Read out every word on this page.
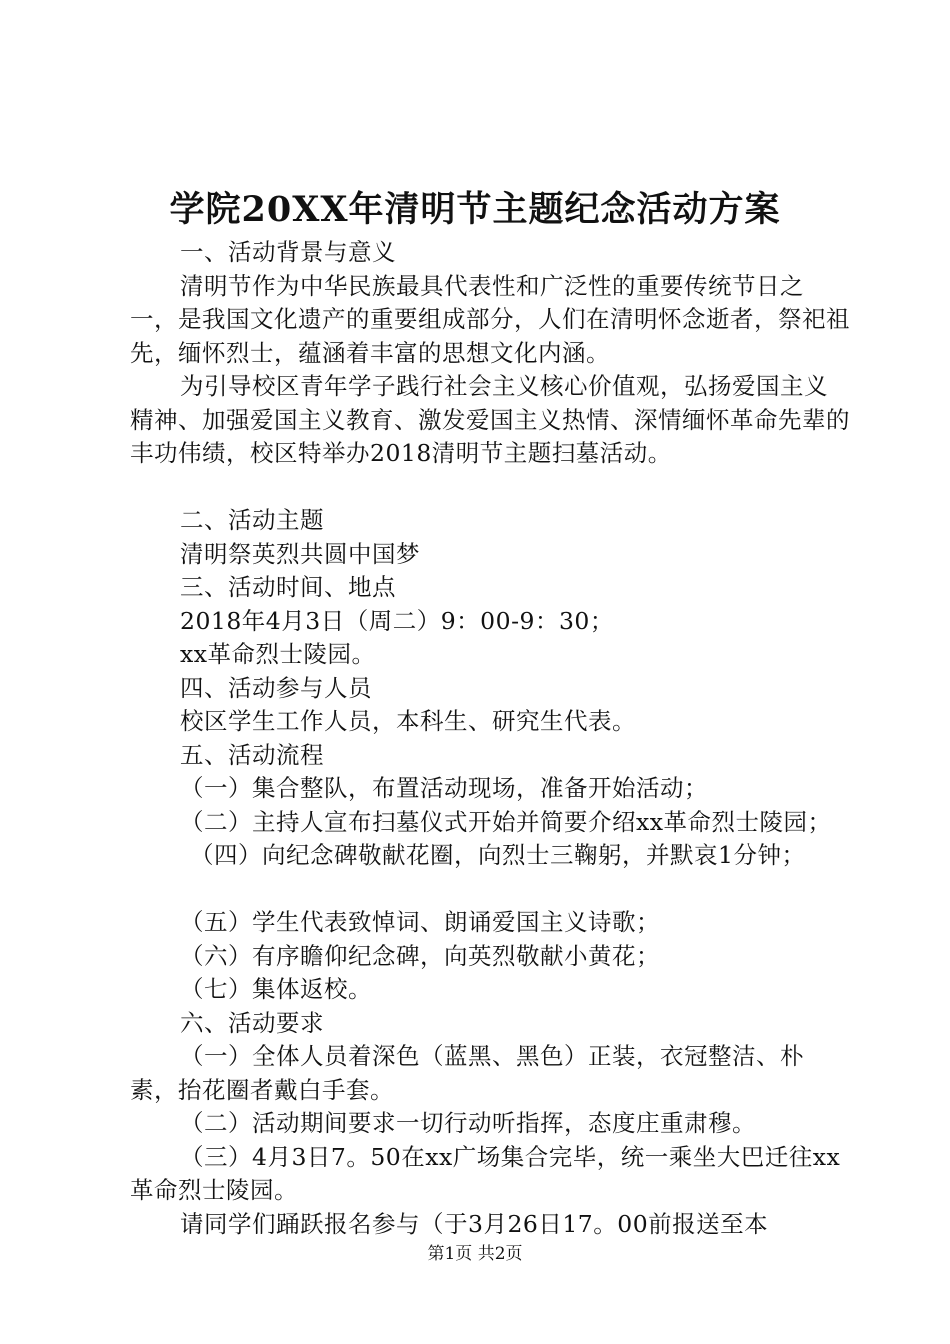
学院20XX年清明节主题纪念活动方案

一、活动背景与意义

清明节作为中华民族最具代表性和广泛性的重要传统节日之一，是我国文化遗产的重要组成部分，人们在清明怀念逝者，祭祀祖先，缅怀烈士，蕴涵着丰富的思想文化内涵。

为引导校区青年学子践行社会主义核心价值观，弘扬爱国主义精神、加强爱国主义教育、激发爱国主义热情、深情缅怀革命先辈的丰功伟绩，校区特举办2018清明节主题扫墓活动。

二、活动主题

清明祭英烈共圆中国梦

三、活动时间、地点

2018年4月3日（周二）9：00-9：30；

xx革命烈士陵园。

四、活动参与人员

校区学生工作人员，本科生、研究生代表。

五、活动流程

（一）集合整队，布置活动现场，准备开始活动；

（二）主持人宣布扫墓仪式开始并简要介绍xx革命烈士陵园；

（四）向纪念碑敬献花圈，向烈士三鞠躬，并默哀1分钟；

（五）学生代表致悼词、朗诵爱国主义诗歌；

（六）有序瞻仰纪念碑，向英烈敬献小黄花；

（七）集体返校。

六、活动要求

（一）全体人员着深色（蓝黑、黑色）正装，衣冠整洁、朴素，抬花圈者戴白手套。

（二）活动期间要求一切行动听指挥，态度庄重肃穆。

（三）4月3日7。50在xx广场集合完毕，统一乘坐大巴迁往xx革命烈士陵园。

请同学们踊跃报名参与（于3月26日17。00前报送至本

第1页 共2页
